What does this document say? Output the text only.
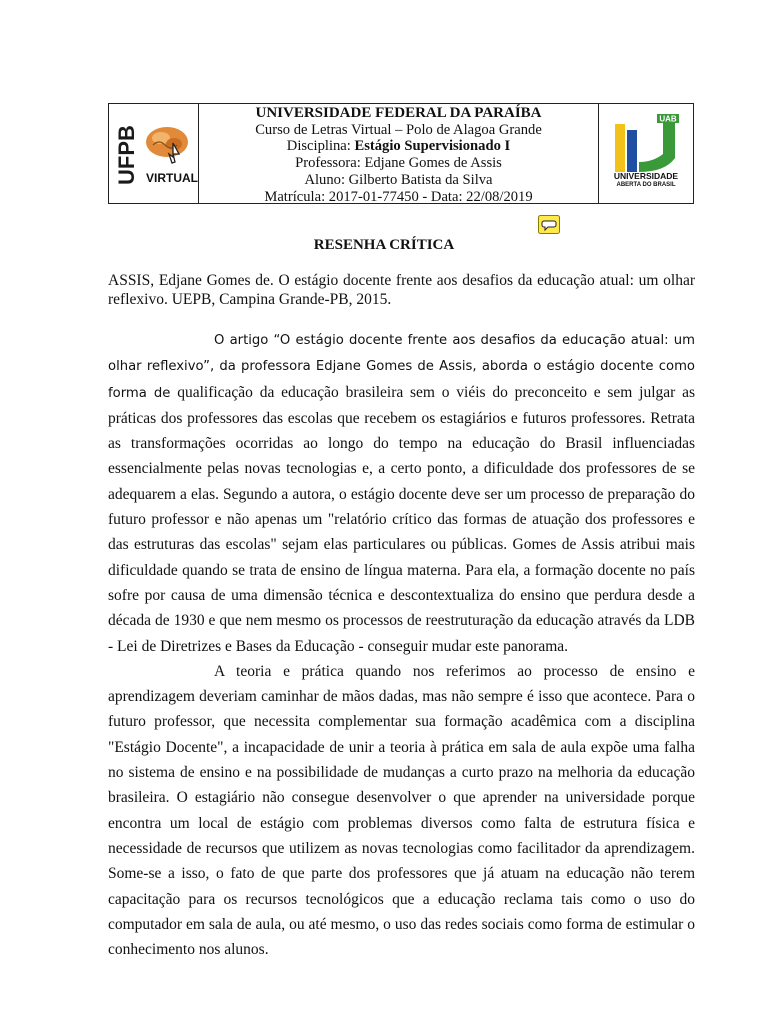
UFPB VIRTUAL
UNIVERSIDADE FEDERAL DA PARAÍBA
Curso de Letras Virtual – Polo de Alagoa Grande
Disciplina: Estágio Supervisionado I
Professora: Edjane Gomes de Assis
Aluno: Gilberto Batista da Silva
Matrícula: 2017-01-77450 - Data: 22/08/2019
UAB
UNIVERSIDADE
ABERTA DO BRASIL
RESENHA CRÍTICA
ASSIS, Edjane Gomes de. O estágio docente frente aos desafios da educação atual: um olhar reflexivo. UEPB, Campina Grande-PB, 2015.

O artigo “O estágio docente frente aos desafios da educação atual: um olhar reflexivo”, da professora Edjane Gomes de Assis, aborda o estágio docente como forma de qualificação da educação brasileira sem o viéis do preconceito e sem julgar as práticas dos professores das escolas que recebem os estagiários e futuros professores. Retrata as transformações ocorridas ao longo do tempo na educação do Brasil influenciadas essencialmente pelas novas tecnologias e, a certo ponto, a dificuldade dos professores de se adequarem a elas. Segundo a autora, o estágio docente deve ser um processo de preparação do futuro professor e não apenas um "relatório crítico das formas de atuação dos professores e das estruturas das escolas" sejam elas particulares ou públicas. Gomes de Assis atribui mais dificuldade quando se trata de ensino de língua materna. Para ela, a formação docente no país sofre por causa de uma dimensão técnica e descontextualiza do ensino que perdura desde a década de 1930 e que nem mesmo os processos de reestruturação da educação através da LDB - Lei de Diretrizes e Bases da Educação - conseguir mudar este panorama.

A teoria e prática quando nos referimos ao processo de ensino e aprendizagem deveriam caminhar de mãos dadas, mas não sempre é isso que acontece. Para o futuro professor, que necessita complementar sua formação acadêmica com a disciplina "Estágio Docente", a incapacidade de unir a teoria à prática em sala de aula expõe uma falha no sistema de ensino e na possibilidade de mudanças a curto prazo na melhoria da educação brasileira. O estagiário não consegue desenvolver o que aprender na universidade porque encontra um local de estágio com problemas diversos como falta de estrutura física e necessidade de recursos que utilizem as novas tecnologias como facilitador da aprendizagem. Some-se a isso, o fato de que parte dos professores que já atuam na educação não terem capacitação para os recursos tecnológicos que a educação reclama tais como o uso do computador em sala de aula, ou até mesmo, o uso das redes sociais como forma de estimular o conhecimento nos alunos.
